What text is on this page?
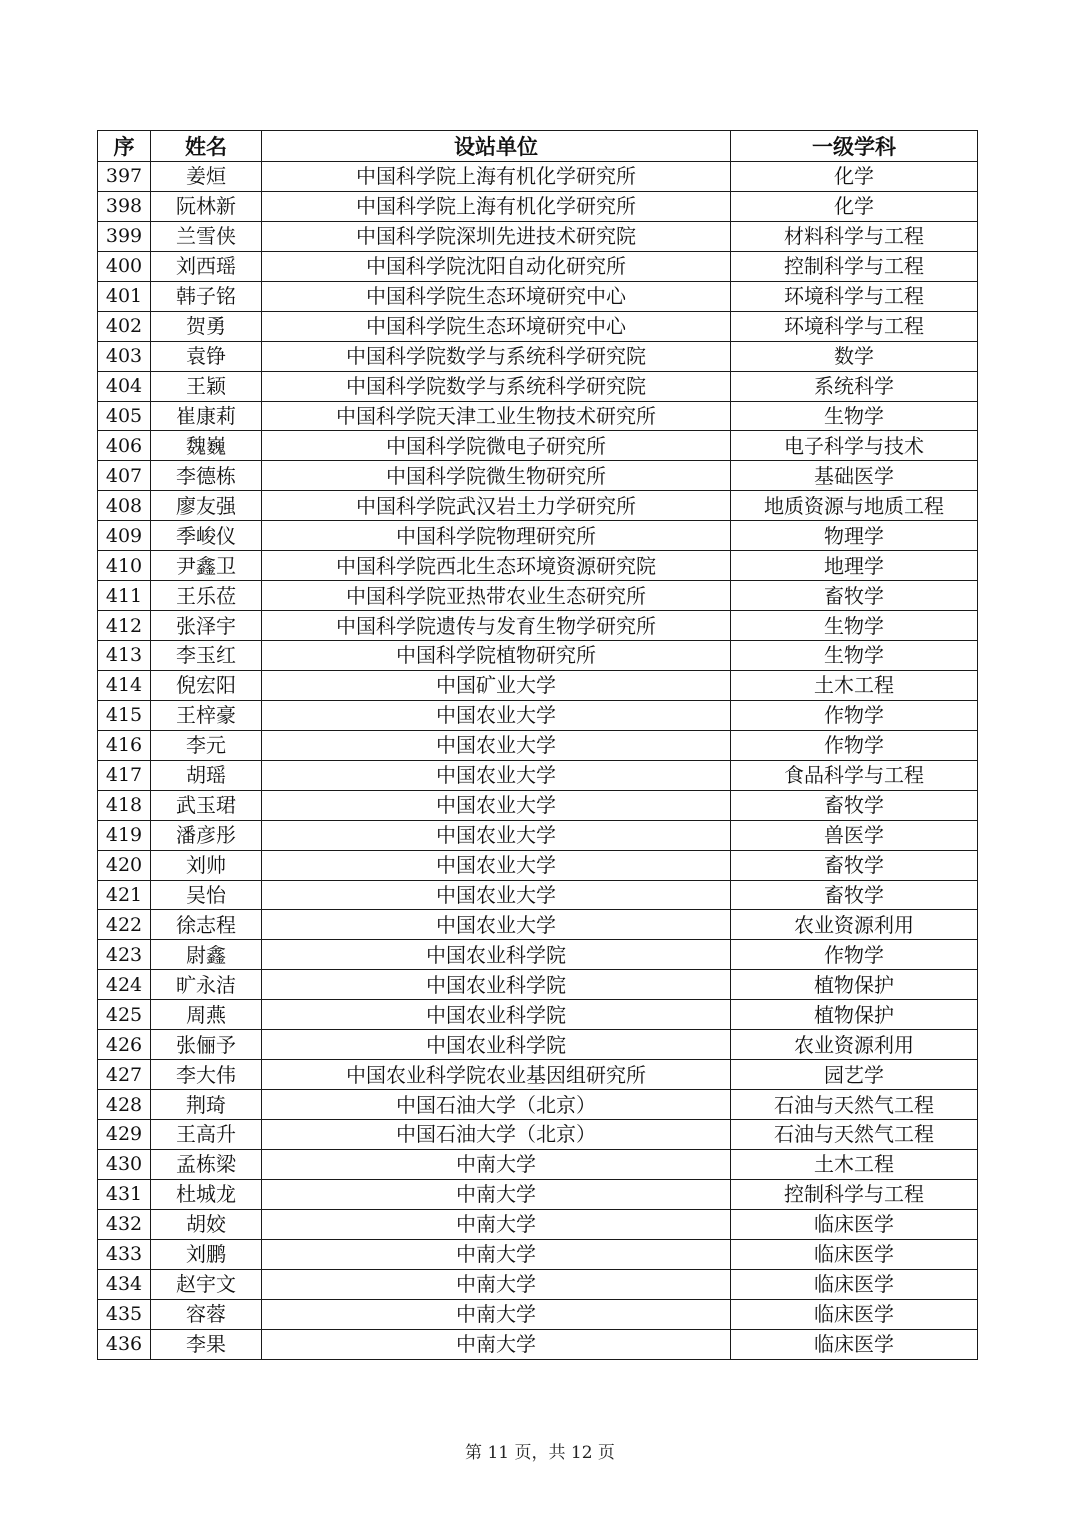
序	姓名	设站单位	一级学科
397	姜烜	中国科学院上海有机化学研究所	化学
398	阮林新	中国科学院上海有机化学研究所	化学
399	兰雪侠	中国科学院深圳先进技术研究院	材料科学与工程
400	刘西瑶	中国科学院沈阳自动化研究所	控制科学与工程
401	韩子铭	中国科学院生态环境研究中心	环境科学与工程
402	贺勇	中国科学院生态环境研究中心	环境科学与工程
403	袁铮	中国科学院数学与系统科学研究院	数学
404	王颖	中国科学院数学与系统科学研究院	系统科学
405	崔康莉	中国科学院天津工业生物技术研究所	生物学
406	魏巍	中国科学院微电子研究所	电子科学与技术
407	李德栋	中国科学院微生物研究所	基础医学
408	廖友强	中国科学院武汉岩土力学研究所	地质资源与地质工程
409	季峻仪	中国科学院物理研究所	物理学
410	尹鑫卫	中国科学院西北生态环境资源研究院	地理学
411	王乐莅	中国科学院亚热带农业生态研究所	畜牧学
412	张泽宇	中国科学院遗传与发育生物学研究所	生物学
413	李玉红	中国科学院植物研究所	生物学
414	倪宏阳	中国矿业大学	土木工程
415	王梓豪	中国农业大学	作物学
416	李元	中国农业大学	作物学
417	胡瑶	中国农业大学	食品科学与工程
418	武玉珺	中国农业大学	畜牧学
419	潘彦彤	中国农业大学	兽医学
420	刘帅	中国农业大学	畜牧学
421	吴怡	中国农业大学	畜牧学
422	徐志程	中国农业大学	农业资源利用
423	尉鑫	中国农业科学院	作物学
424	旷永洁	中国农业科学院	植物保护
425	周燕	中国农业科学院	植物保护
426	张俪予	中国农业科学院	农业资源利用
427	李大伟	中国农业科学院农业基因组研究所	园艺学
428	荆琦	中国石油大学（北京）	石油与天然气工程
429	王高升	中国石油大学（北京）	石油与天然气工程
430	孟栋梁	中南大学	土木工程
431	杜城龙	中南大学	控制科学与工程
432	胡姣	中南大学	临床医学
433	刘鹏	中南大学	临床医学
434	赵宇文	中南大学	临床医学
435	容蓉	中南大学	临床医学
436	李果	中南大学	临床医学
第 11 页，共 12 页
